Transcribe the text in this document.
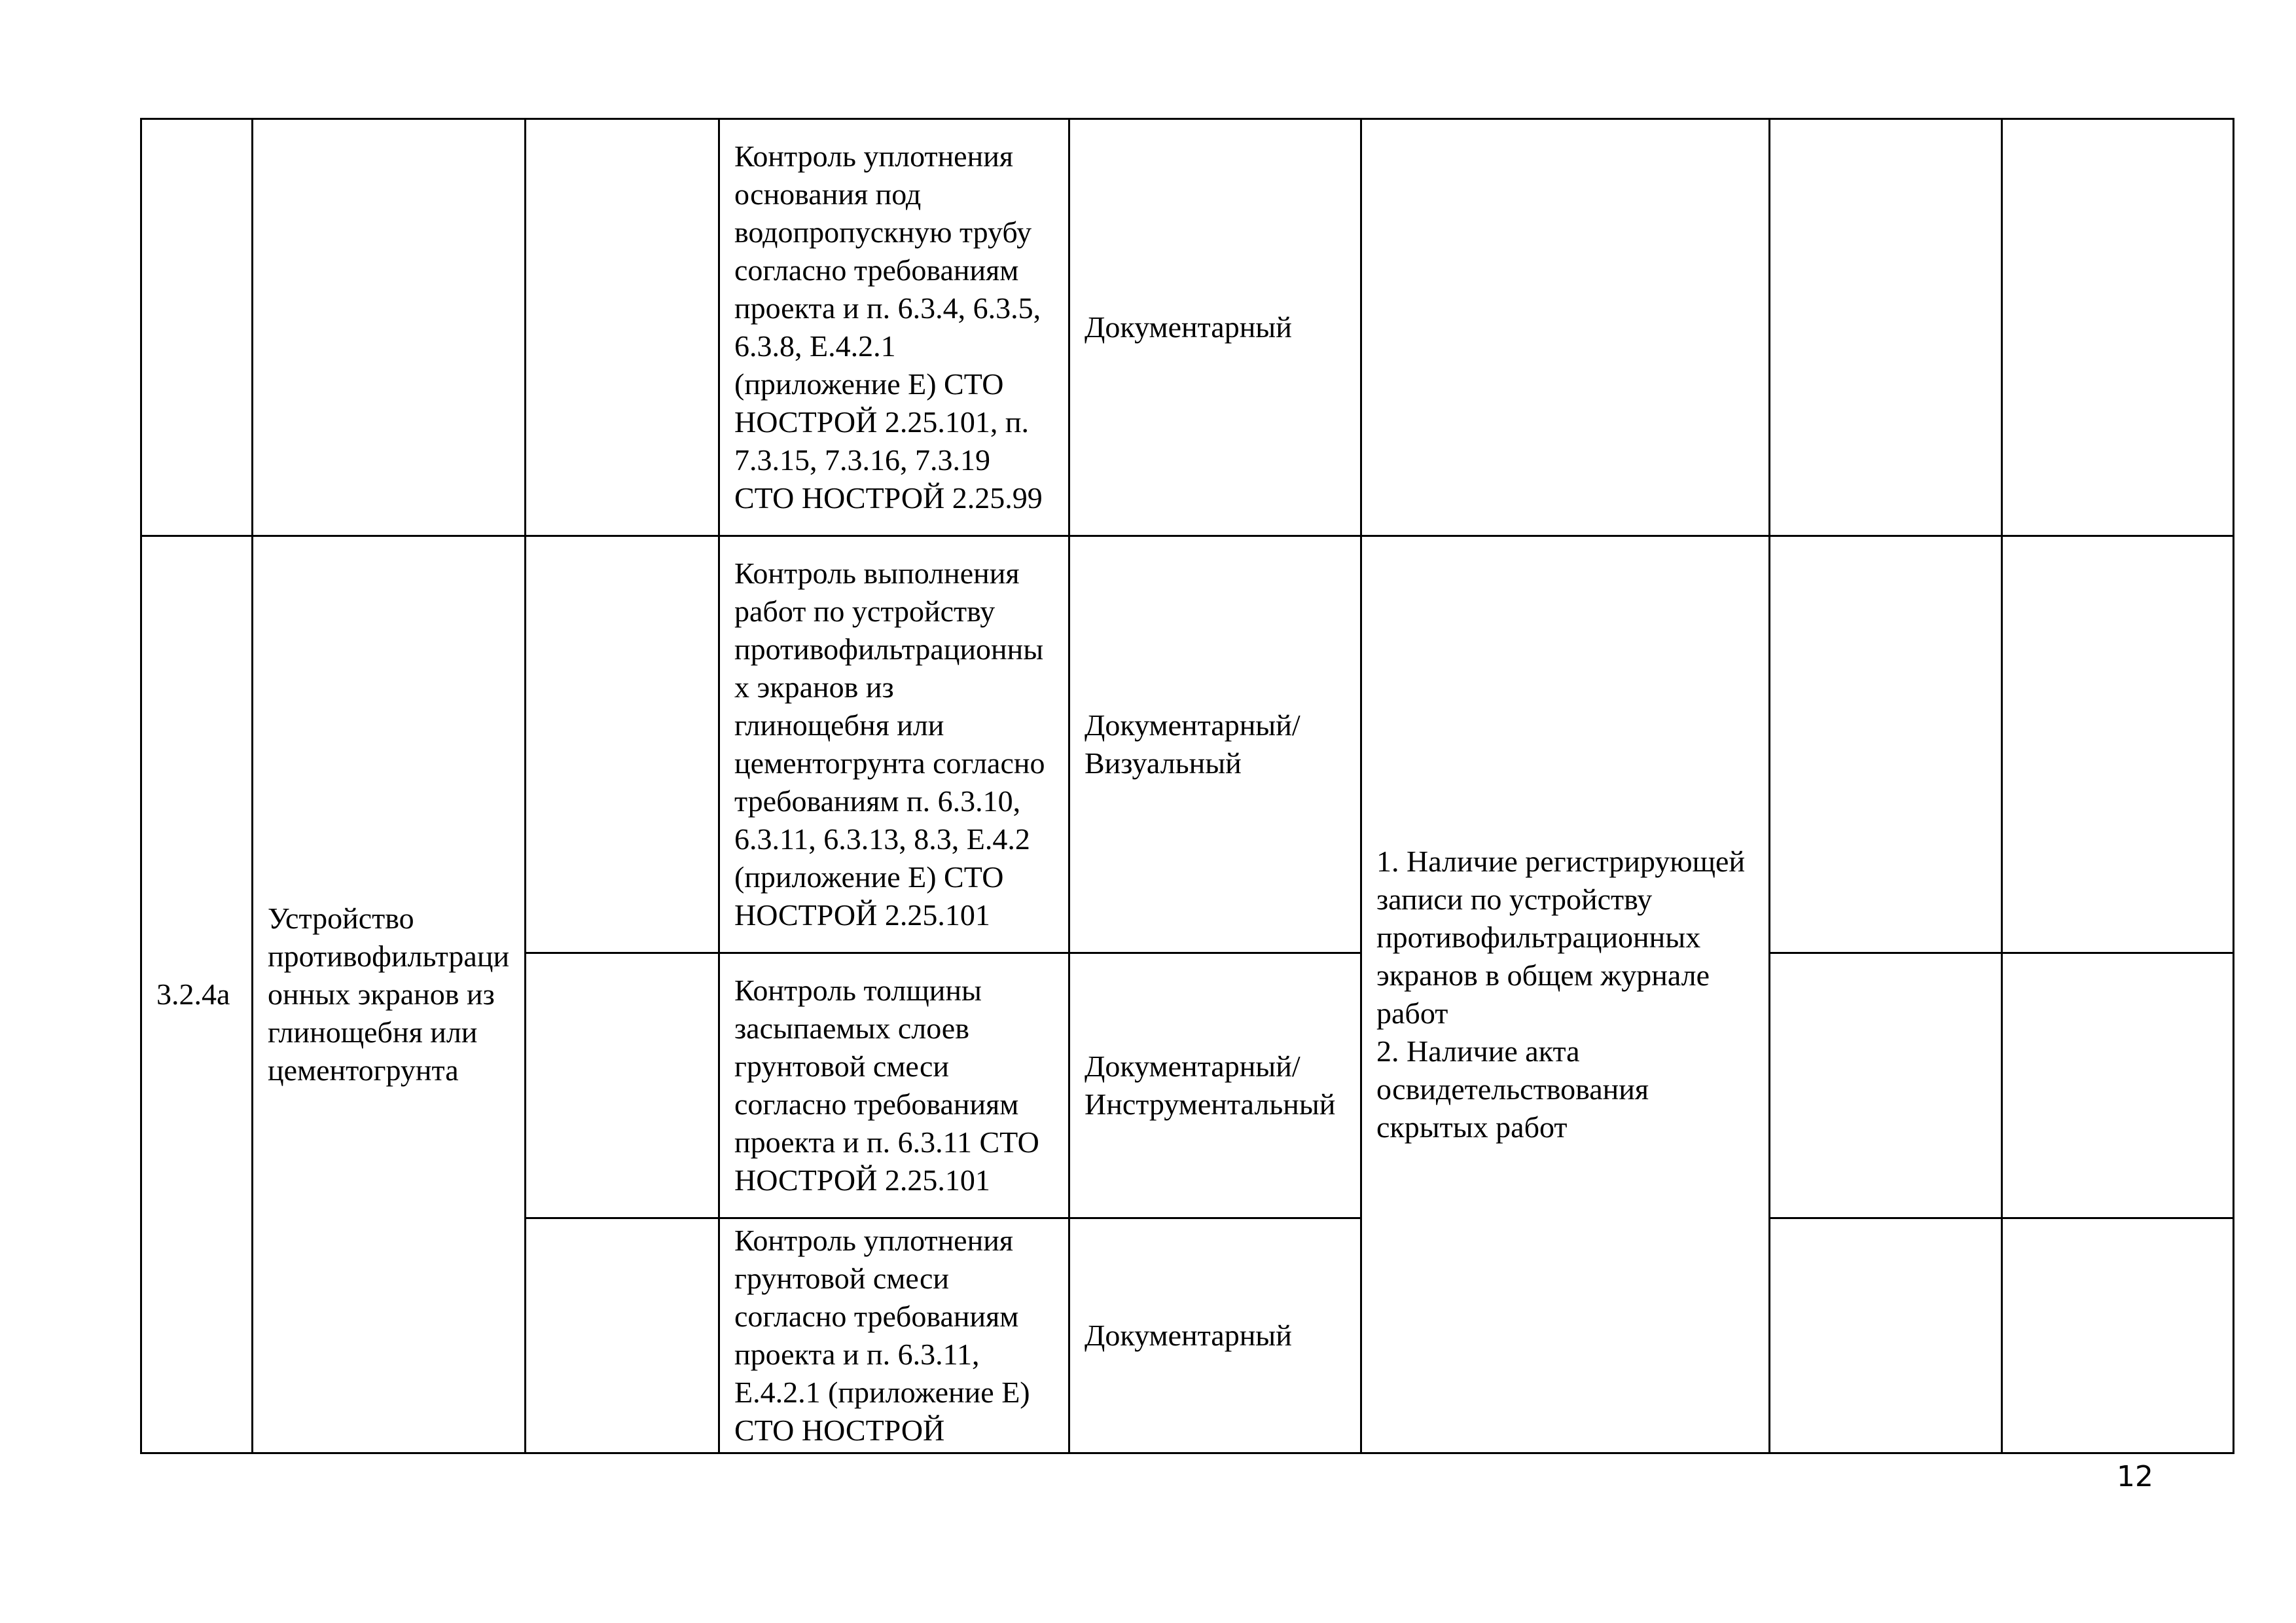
			Контроль уплотнения основания под водопропускную трубу согласно требованиям проекта и п. 6.3.4, 6.3.5, 6.3.8, Е.4.2.1 (приложение Е) СТО НОСТРОЙ 2.25.101, п. 7.3.15, 7.3.16, 7.3.19 СТО НОСТРОЙ 2.25.99	Документарный			
3.2.4а	Устройство противофильтрационных экранов из глинощебня или цементогрунта		Контроль выполнения работ по устройству противофильтрационных экранов из глинощебня или цементогрунта согласно требованиям п. 6.3.10, 6.3.11, 6.3.13, 8.3, Е.4.2 (приложение Е) СТО НОСТРОЙ 2.25.101	Документарный/ Визуальный	1. Наличие регистрирующей записи по устройству противофильтрационных экранов в общем журнале работ
2. Наличие акта освидетельствования скрытых работ		

			Контроль толщины засыпаемых слоев грунтовой смеси согласно требованиям проекта и п. 6.3.11 СТО НОСТРОЙ 2.25.101	Документарный/Инструментальный			
			Контроль уплотнения грунтовой смеси согласно требованиям проекта и п. 6.3.11, Е.4.2.1 (приложение Е) СТО НОСТРОЙ	Документарный			
12
